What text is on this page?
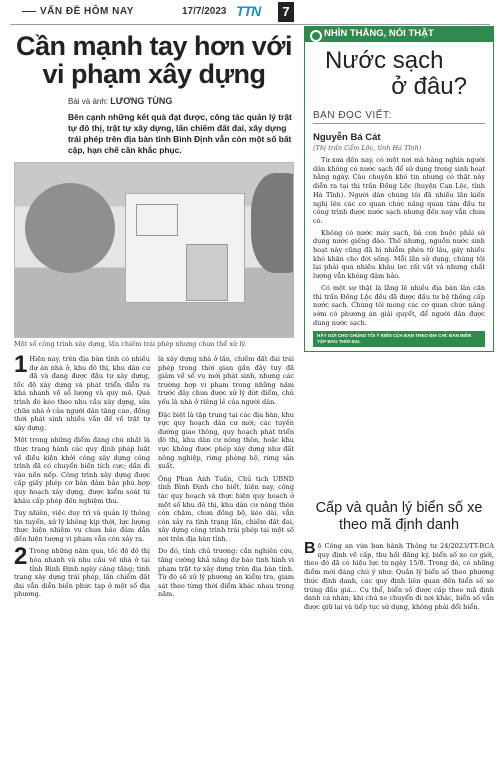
VẤN ĐỀ HÔM NAY	17/7/2023 TTN	7
Cần mạnh tay hơn với vi phạm xây dựng
Bài và ảnh: LƯƠNG TÙNG
Bên cạnh những kết quả đạt được, công tác quản lý trật tự đô thị, trật tự xây dựng, lấn chiếm đất đai, xây dựng trái phép trên địa bàn tỉnh Bình Định vẫn còn một số bất cập, hạn chế cần khắc phục.
Một số công trình xây dựng, lấn chiếm trái phép nhưng chưa thể xử lý.

1 Hiện nay, trên địa bàn tỉnh có nhiều dự án nhà ở, khu đô thị, khu dân cư đã và đang được đầu tư xây dựng, tốc độ xây dựng và phát triển diễn ra khá nhanh về số lượng và quy mô. Quá trình đó kéo theo nhu cầu xây dựng, sửa chữa nhà ở của người dân tăng cao, đồng thời phát sinh nhiều vấn đề về trật tự xây dựng.

Một trong những điểm đáng chú nhất là thực trạng hành các quy định pháp luật về điều kiện khởi công xây dựng công trình đã có chuyển biến tích cực; dần đi vào nền nếp. Công trình xây dựng được cấp giấy phép cơ bản đảm bảo phù hợp quy hoạch xây dựng, được kiểm soát từ khâu cấp phép đến nghiệm thu.

Tuy nhiên, việc duy trì và quản lý thông tin tuyến, xử lý không kịp thời, lực lượng thực hiện nhiệm vụ chưa bảo đảm dẫn đến hiện tượng vi phạm vẫn còn xảy ra.

2 Trong những năm qua, tốc độ đô thị hóa nhanh và nhu cầu về nhà ở tại tỉnh Bình Định ngày càng tăng; tình trạng xây dựng trái phép, lấn chiếm đất đai vẫn diễn biến phức tạp ở một số địa phương.

là xây dựng nhà ở lấn, chiếm đất đai trái phép trong thời gian gần đây tuy đã giảm về số vụ mới phát sinh, nhưng các trường hợp vi phạm trong những năm trước đây chưa được xử lý dứt điểm, chủ yếu là nhà ở riêng lẻ của người dân.

Đặc biệt là tập trung tại các địa bàn, khu vực quy hoạch dân cư mới; các tuyến đường giao thông, quy hoạch phát triển đô thị, khu dân cư nông thôn, hoặc khu vực không được phép xây dựng như đất nông nghiệp, rừng phòng hộ, rừng sản xuất.

Ông Phan Anh Tuấn, Chủ tịch UBND tỉnh Bình Định cho biết, hiện nay, công tác quy hoạch và thực hiện quy hoạch ở một số khu đô thị, khu dân cư nông thôn còn chậm, chưa đồng bộ, kéo dài, vẫn còn xảy ra tình trạng lấn, chiếm đất đai, xây dựng công trình trái phép tại một số nơi trên địa bàn tỉnh.

Do đó, tỉnh chủ trương: cần nghiên cứu, tăng cường khả năng dự báo tình hình vi phạm trật tự xây dựng trên địa bàn tỉnh. Từ đó sẽ xử lý phương án kiểm tra, giám sát theo từng thời điểm khác nhau trong năm.

NHÌN THẲNG, NÓI THẬT
Nước sạch
ở đâu?
BẠN ĐỌC VIẾT:
Nguyễn Bá Cát
(Thị trấn Cẩm Lộc, tỉnh Hà Tĩnh)

Từ xưa đến nay, có một nơi mà hàng nghìn người dân không có nước sạch để sử dụng trong sinh hoạt hằng ngày. Câu chuyện khó tin nhưng có thật này diễn ra tại thị trấn Đồng Lộc (huyện Can Lộc, tỉnh Hà Tĩnh). Người dân chúng tôi đã nhiều lần kiến nghị lên các cơ quan chức năng quan tâm đầu tư công trình được nước sạch nhưng đến nay vẫn chưa có.

Không có nước máy sạch, bà con buộc phải sử dụng nước giếng đào. Thế nhưng, nguồn nước sinh hoạt này cũng đã bị nhiễm phèn tử lâu, gây nhiều khó khăn cho đời sống. Mỗi lần sử dụng, chúng tôi lại phải qua nhiều khâu lọc rất vất vả nhưng chất lượng vẫn không đảm bảo.

Có một sự thật là lãng lẽ nhiều địa bàn lân cận thì trấn Đồng Lộc đều đã được đầu tư hệ thống cấp nước sạch. Chúng tôi mong các cơ quan chức năng sớm có phương án giải quyết, để người dân được dùng nước sạch.

HÃY GỬI CHO CHÚNG TÔI Ý KIẾN CỦA BẠN THEO ĐỊA CHỈ: BAN BIÊN TẬP BÁO THỜI ĐẠI.
Cấp và quản lý biển số xe theo mã định danh
Bộ Công an vừa ban hành Thông tư 24/2023/TT-BCA quy định về cấp, thu hồi đăng ký, biển số xe cơ giới, theo đó đã có hiệu lực từ ngày 15/8. Trong đó, có những điểm mới đáng chú ý như: Quản lý biển số theo phương thức định danh, các quy định liên quan đến biển số xe trúng đấu giá... Cụ thể, biển số được cấp theo mã định danh cá nhân; khi chủ xe chuyển đi nơi khác, biển số vẫn được giữ lại và tiếp tục sử dụng, không phải đổi biển.
